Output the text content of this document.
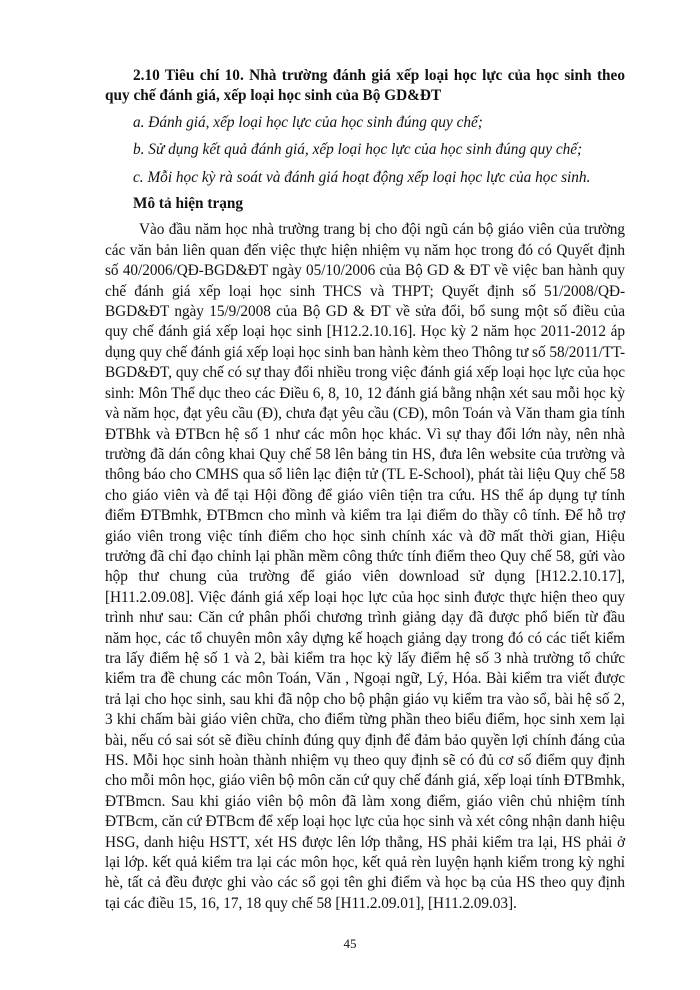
2.10 Tiêu chí 10. Nhà trường đánh giá xếp loại học lực của học sinh theo quy chế đánh giá, xếp loại học sinh của Bộ GD&ĐT

a. Đánh giá, xếp loại học lực của học sinh đúng quy chế;

b. Sử dụng kết quả đánh giá, xếp loại học lực của học sinh đúng quy chế;

c. Mỗi học kỳ rà soát và đánh giá hoạt động xếp loại học lực của học sinh.

Mô tả hiện trạng

Vào đầu năm học nhà trường trang bị cho đội ngũ cán bộ giáo viên của trường các văn bản liên quan đến việc thực hiện nhiệm vụ năm học trong đó có Quyết định số 40/2006/QĐ-BGD&ĐT ngày 05/10/2006 của Bộ GD & ĐT về việc ban hành quy chế đánh giá xếp loại học sinh THCS và THPT; Quyết định số 51/2008/QĐ-BGD&ĐT ngày 15/9/2008 của Bộ GD & ĐT về sửa đổi, bổ sung một số điều của quy chế đánh giá xếp loại học sinh [H12.2.10.16]. Học kỳ 2 năm học 2011-2012 áp dụng quy chế đánh giá xếp loại học sinh ban hành kèm theo Thông tư số 58/2011/TT-BGD&ĐT, quy chế có sự thay đổi nhiều trong việc đánh giá xếp loại học lực của học sinh: Môn Thể dục theo các Điều 6, 8, 10, 12 đánh giá bằng nhận xét sau mỗi học kỳ và năm học, đạt yêu cầu (Đ), chưa đạt yêu cầu (CĐ), môn Toán và Văn tham gia tính ĐTBhk và ĐTBcn hệ số 1 như các môn học khác. Vì sự thay đổi lớn này, nên nhà trường đã dán công khai Quy chế 58 lên bảng tin HS, đưa lên website của trường và thông báo cho CMHS qua sổ liên lạc điện tử (TL E-School), phát tài liệu Quy chế 58 cho giáo viên và để tại Hội đồng để giáo viên tiện tra cứu. HS thể áp dụng tự tính điểm ĐTBmhk, ĐTBmcn cho mình và kiểm tra lại điểm do thầy cô tính. Để hỗ trợ giáo viên trong việc tính điểm cho học sinh chính xác và đỡ mất thời gian, Hiệu trưởng đã chỉ đạo chỉnh lại phần mềm công thức tính điểm theo Quy chế 58, gửi vào hộp thư chung của trường để giáo viên download sử dụng [H12.2.10.17], [H11.2.09.08]. Việc đánh giá xếp loại học lực của học sinh được thực hiện theo quy trình như sau: Căn cứ phân phối chương trình giảng dạy đã được phổ biến từ đầu năm học, các tổ chuyên môn xây dựng kế hoạch giảng dạy trong đó có các tiết kiểm tra lấy điểm hệ số 1 và 2, bài kiểm tra học kỳ lấy điểm hệ số 3 nhà trường tổ chức kiểm tra đề chung các môn Toán, Văn , Ngoại ngữ, Lý, Hóa. Bài kiểm tra viết được trả lại cho học sinh, sau khi đã nộp cho bộ phận giáo vụ kiểm tra vào sổ, bài hệ số 2, 3 khi chấm bài giáo viên chữa, cho điểm từng phần theo biểu điểm, học sinh xem lại bài, nếu có sai sót sẽ điều chỉnh đúng quy định để đảm bảo quyền lợi chính đáng của HS. Mỗi học sinh hoàn thành nhiệm vụ theo quy định sẽ có đủ cơ số điểm quy định cho mỗi môn học, giáo viên bộ môn căn cứ quy chế đánh giá, xếp loại tính ĐTBmhk, ĐTBmcn. Sau khi giáo viên bộ môn đã làm xong điểm, giáo viên chủ nhiệm tính ĐTBcm, căn cứ ĐTBcm để xếp loại học lực của học sinh và xét công nhận danh hiệu HSG, danh hiệu HSTT, xét HS được lên lớp thẳng, HS phải kiểm tra lại, HS phải ở lại lớp. kết quả kiểm tra lại các môn học, kết quả rèn luyện hạnh kiểm trong kỳ nghỉ hè, tất cả đều được ghi vào các sổ gọi tên ghi điểm và học bạ của HS theo quy định tại các điều 15, 16, 17, 18 quy chế 58 [H11.2.09.01], [H11.2.09.03].

45
